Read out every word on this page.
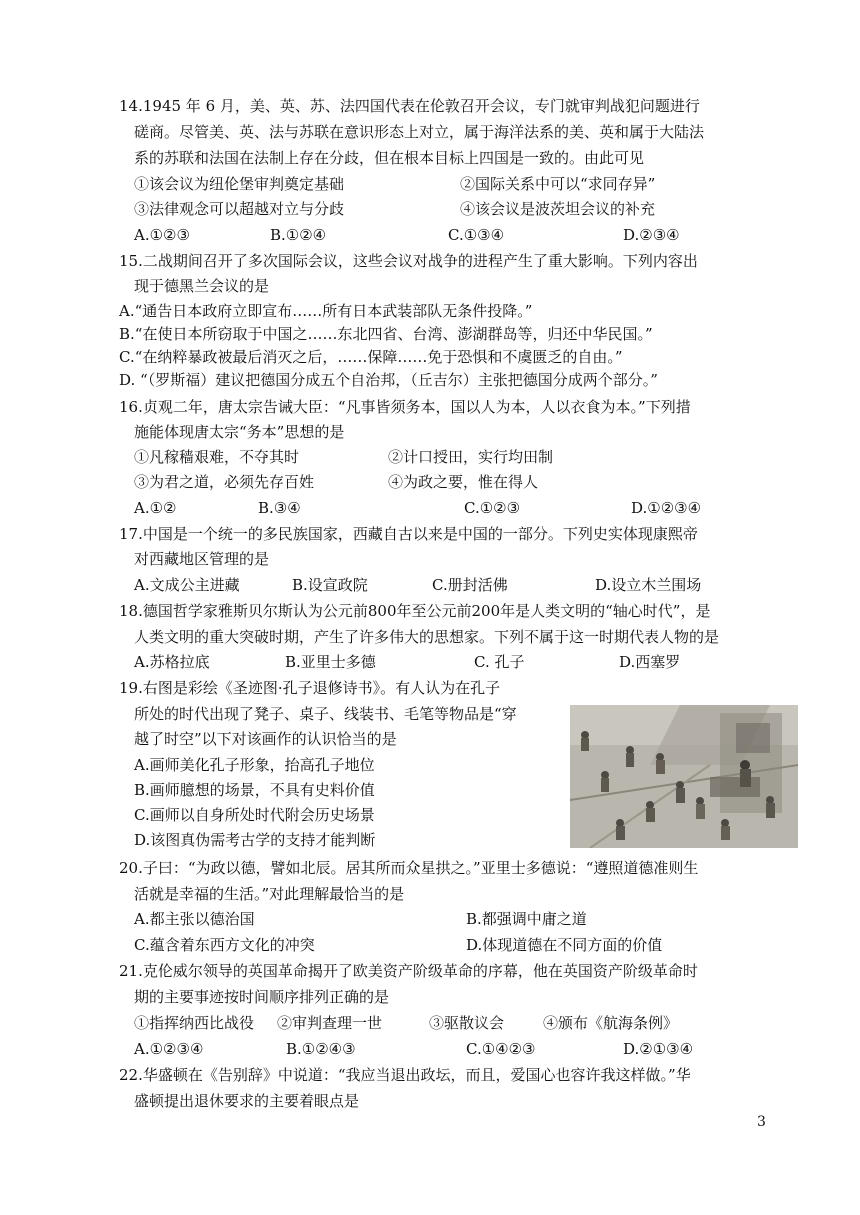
14.1945 年 6 月，美、英、苏、法四国代表在伦敦召开会议，专门就审判战犯问题进行
磋商。尽管美、英、法与苏联在意识形态上对立，属于海洋法系的美、英和属于大陆法
系的苏联和法国在法制上存在分歧，但在根本目标上四国是一致的。由此可见
①该会议为纽伦堡审判奠定基础	②国际关系中可以“求同存异”
③法律观念可以超越对立与分歧	④该会议是波茨坦会议的补充
A.①②③	B.①②④	C.①③④	D.②③④
15.二战期间召开了多次国际会议，这些会议对战争的进程产生了重大影响。下列内容出
现于德黑兰会议的是
A.“通告日本政府立即宣布……所有日本武装部队无条件投降。”
B.“在使日本所窃取于中国之……东北四省、台湾、澎湖群岛等，归还中华民国。”
C.“在纳粹暴政被最后消灭之后，……保障……免于恐惧和不虞匮乏的自由。”
D. “（罗斯福）建议把德国分成五个自治邦，（丘吉尔）主张把德国分成两个部分。”
16.贞观二年，唐太宗告诫大臣：“凡事皆须务本，国以人为本，人以衣食为本。”下列措
施能体现唐太宗“务本”思想的是
①凡稼穑艰难，不夺其时	②计口授田，实行均田制
③为君之道，必须先存百姓	④为政之要，惟在得人
A.①②	B.③④	C.①②③	D.①②③④
17.中国是一个统一的多民族国家，西藏自古以来是中国的一部分。下列史实体现康熙帝
对西藏地区管理的是
A.文成公主进藏	B.设宣政院	C.册封活佛	D.设立木兰围场
18.德国哲学家雅斯贝尔斯认为公元前800年至公元前200年是人类文明的“轴心时代”，是
人类文明的重大突破时期，产生了许多伟大的思想家。下列不属于这一时期代表人物的是
A.苏格拉底	B.亚里士多德	C. 孔子	D.西塞罗
19.右图是彩绘《圣迹图·孔子退修诗书》。有人认为在孔子
所处的时代出现了凳子、桌子、线装书、毛笔等物品是“穿
越了时空”以下对该画作的认识恰当的是
A.画师美化孔子形象，抬高孔子地位
B.画师臆想的场景，不具有史料价值
C.画师以自身所处时代附会历史场景
D.该图真伪需考古学的支持才能判断
20.子曰：“为政以德，譬如北辰。居其所而众星拱之。”亚里士多德说：“遵照道德准则生
活就是幸福的生活。”对此理解最恰当的是
A.都主张以德治国	B.都强调中庸之道
C.蕴含着东西方文化的冲突	D.体现道德在不同方面的价值
21.克伦威尔领导的英国革命揭开了欧美资产阶级革命的序幕，他在英国资产阶级革命时
期的主要事迹按时间顺序排列正确的是
①指挥纳西比战役 ②审判查理一世	③驱散议会	④颁布《航海条例》
A.①②③④	B.①②④③	C.①④②③	D.②①③④
22.华盛顿在《告别辞》中说道：“我应当退出政坛，而且，爱国心也容许我这样做。”华
盛顿提出退休要求的主要着眼点是
3
